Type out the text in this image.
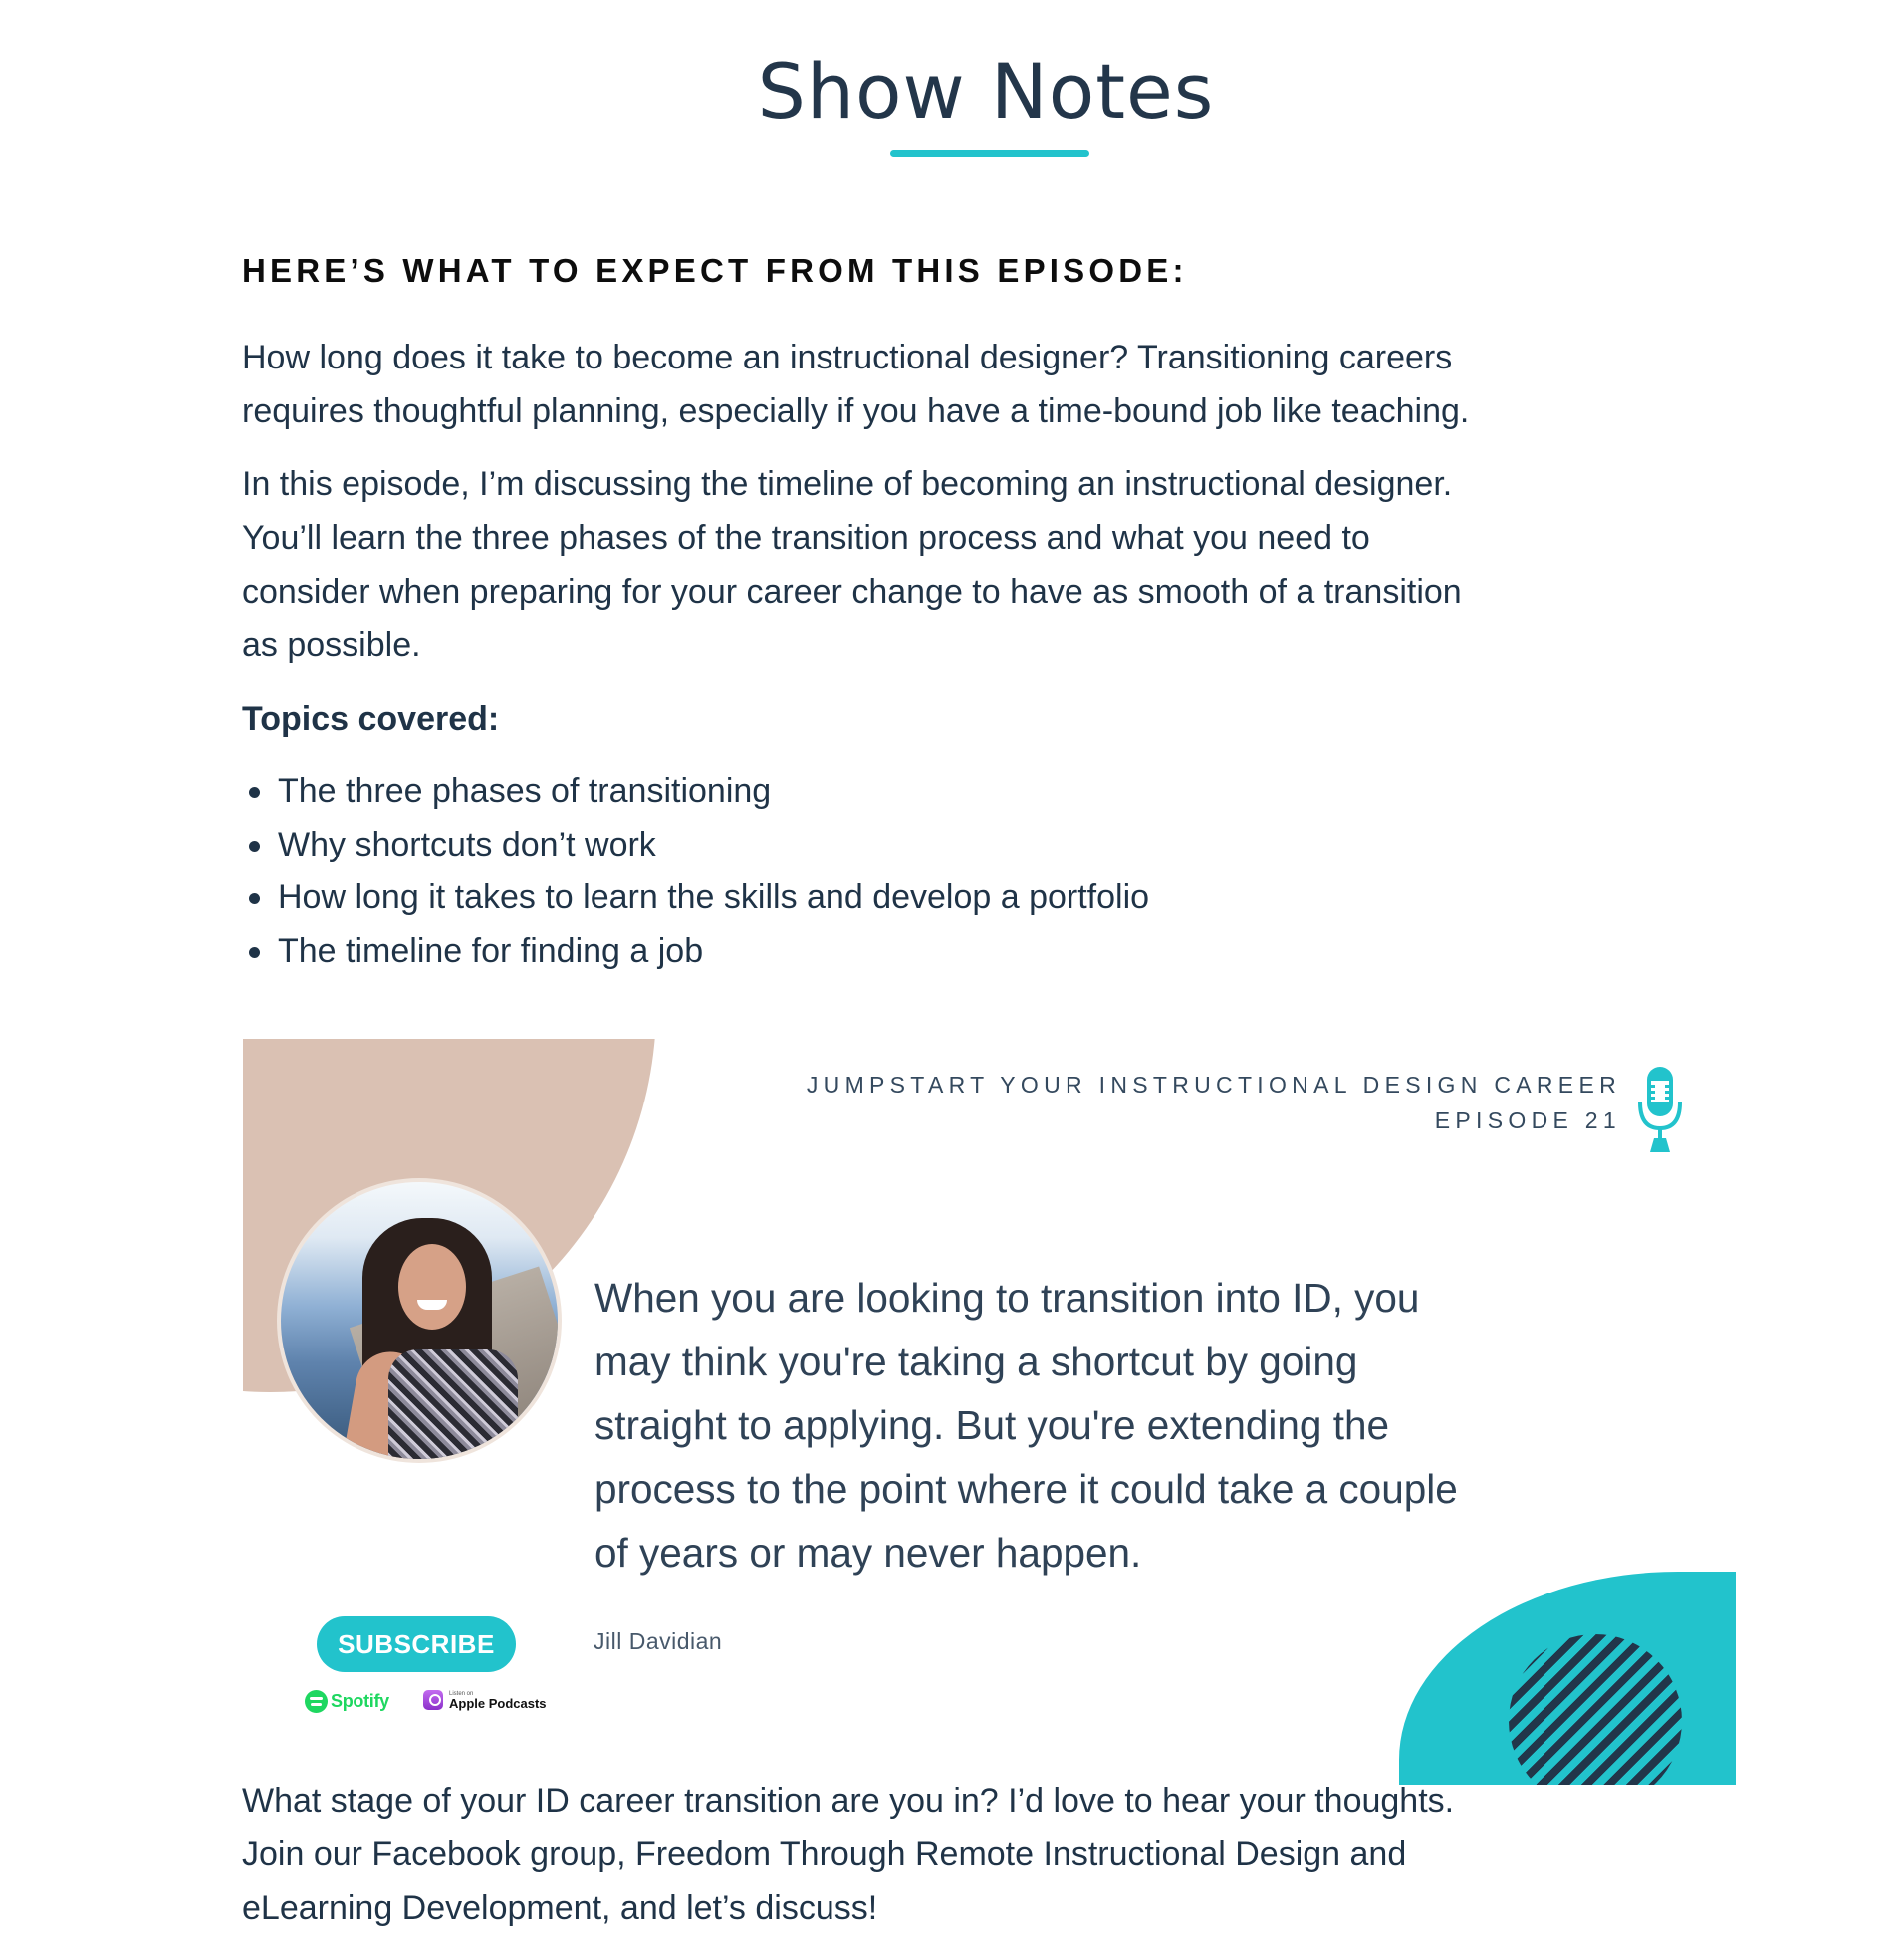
Show Notes
HERE’S WHAT TO EXPECT FROM THIS EPISODE:

How long does it take to become an instructional designer? Transitioning careers
requires thoughtful planning, especially if you have a time-bound job like teaching.

In this episode, I’m discussing the timeline of becoming an instructional designer.
You’ll learn the three phases of the transition process and what you need to
consider when preparing for your career change to have as smooth of a transition
as possible.

Topics covered:
The three phases of transitioning
Why shortcuts don’t work
How long it takes to learn the skills and develop a portfolio
The timeline for finding a job
JUMPSTART YOUR INSTRUCTIONAL DESIGN CAREER
EPISODE 21
When you are looking to transition into ID, you
may think you're taking a shortcut by going
straight to applying. But you're extending the
process to the point where it could take a couple
of years or may never happen.
Jill Davidian
SUBSCRIBE
Spotify	Listen on
Apple Podcasts

What stage of your ID career transition are you in? I’d love to hear your thoughts.
Join our Facebook group, Freedom Through Remote Instructional Design and
eLearning Development, and let’s discuss!
